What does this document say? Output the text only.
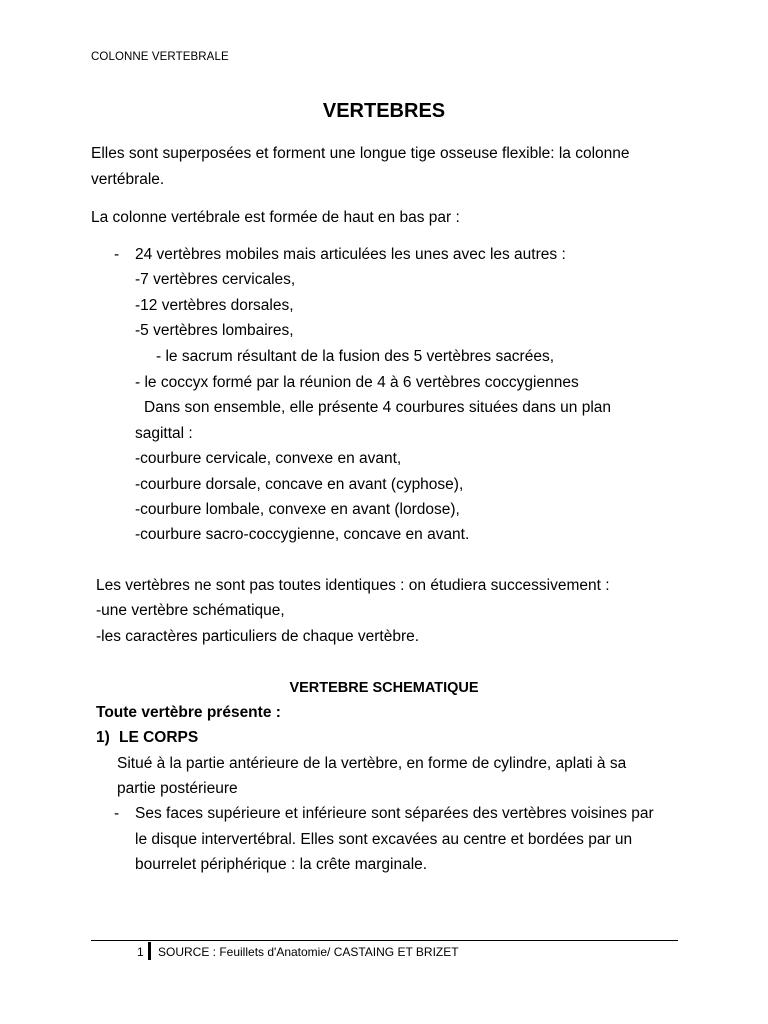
COLONNE VERTEBRALE
VERTEBRES
Elles sont superposées et forment une longue tige osseuse flexible: la colonne
vertébrale.
La colonne vertébrale est formée de haut en bas par :
- 24 vertèbres mobiles mais articulées les unes avec les autres :
-7 vertèbres cervicales,
-12 vertèbres dorsales,
-5 vertèbres lombaires,
- le sacrum résultant de la fusion des 5 vertèbres sacrées,
- le coccyx formé par la réunion de 4 à 6 vertèbres coccygiennes
Dans son ensemble, elle présente 4 courbures situées dans un plan
sagittal :
-courbure cervicale, convexe en avant,
-courbure dorsale, concave en avant (cyphose),
-courbure lombale, convexe en avant (lordose),
-courbure sacro-coccygienne, concave en avant.
Les vertèbres ne sont pas toutes identiques : on étudiera successivement :
-une vertèbre schématique,
-les caractères particuliers de chaque vertèbre.
VERTEBRE SCHEMATIQUE
Toute vertèbre présente :
1) LE CORPS
Situé à la partie antérieure de la vertèbre, en forme de cylindre, aplati à sa
partie postérieure
- Ses faces supérieure et inférieure sont séparées des vertèbres voisines par
le disque intervertébral. Elles sont excavées au centre et bordées par un
bourrelet périphérique : la crête marginale.
1 SOURCE : Feuillets d'Anatomie/ CASTAING ET BRIZET
